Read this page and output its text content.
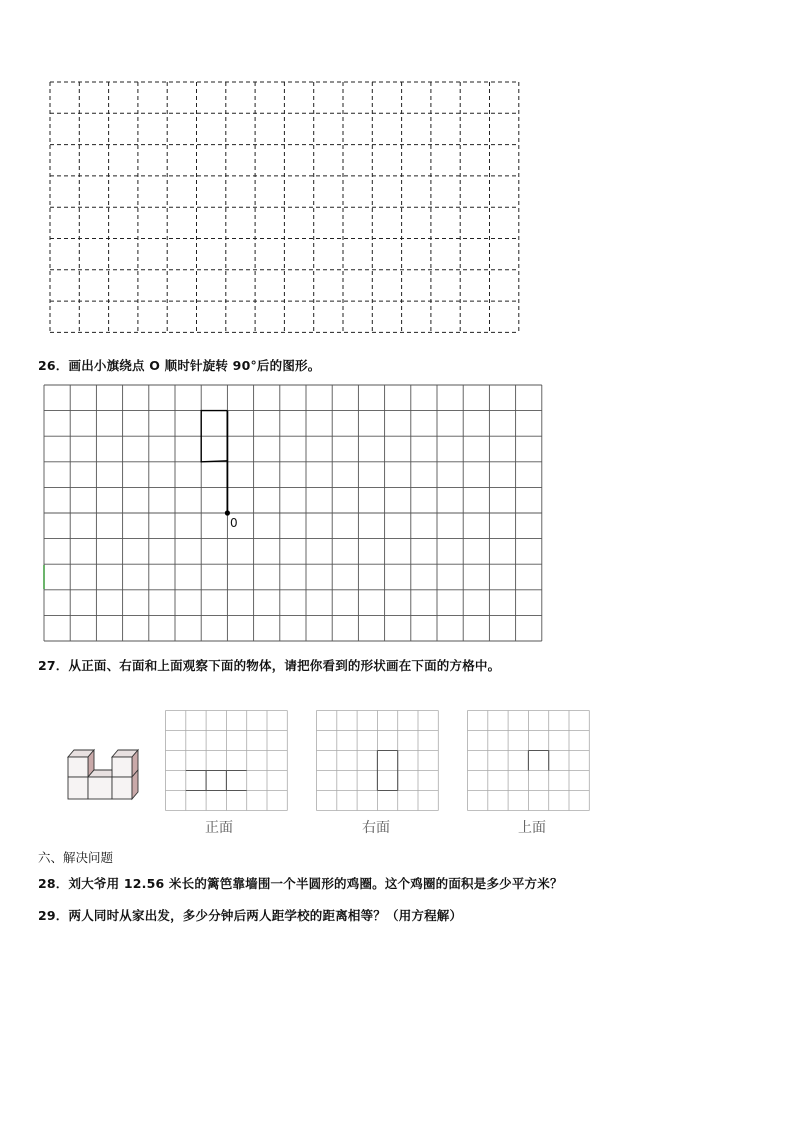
26．画出小旗绕点 O 顺时针旋转 90°后的图形。
0
27．从正面、右面和上面观察下面的物体，请把你看到的形状画在下面的方格中。
正面	右面	上面
六、解决问题
28．刘大爷用 12.56 米长的篱笆靠墙围一个半圆形的鸡圈。这个鸡圈的面积是多少平方米？
29．两人同时从家出发，多少分钟后两人距学校的距离相等？（用方程解）
